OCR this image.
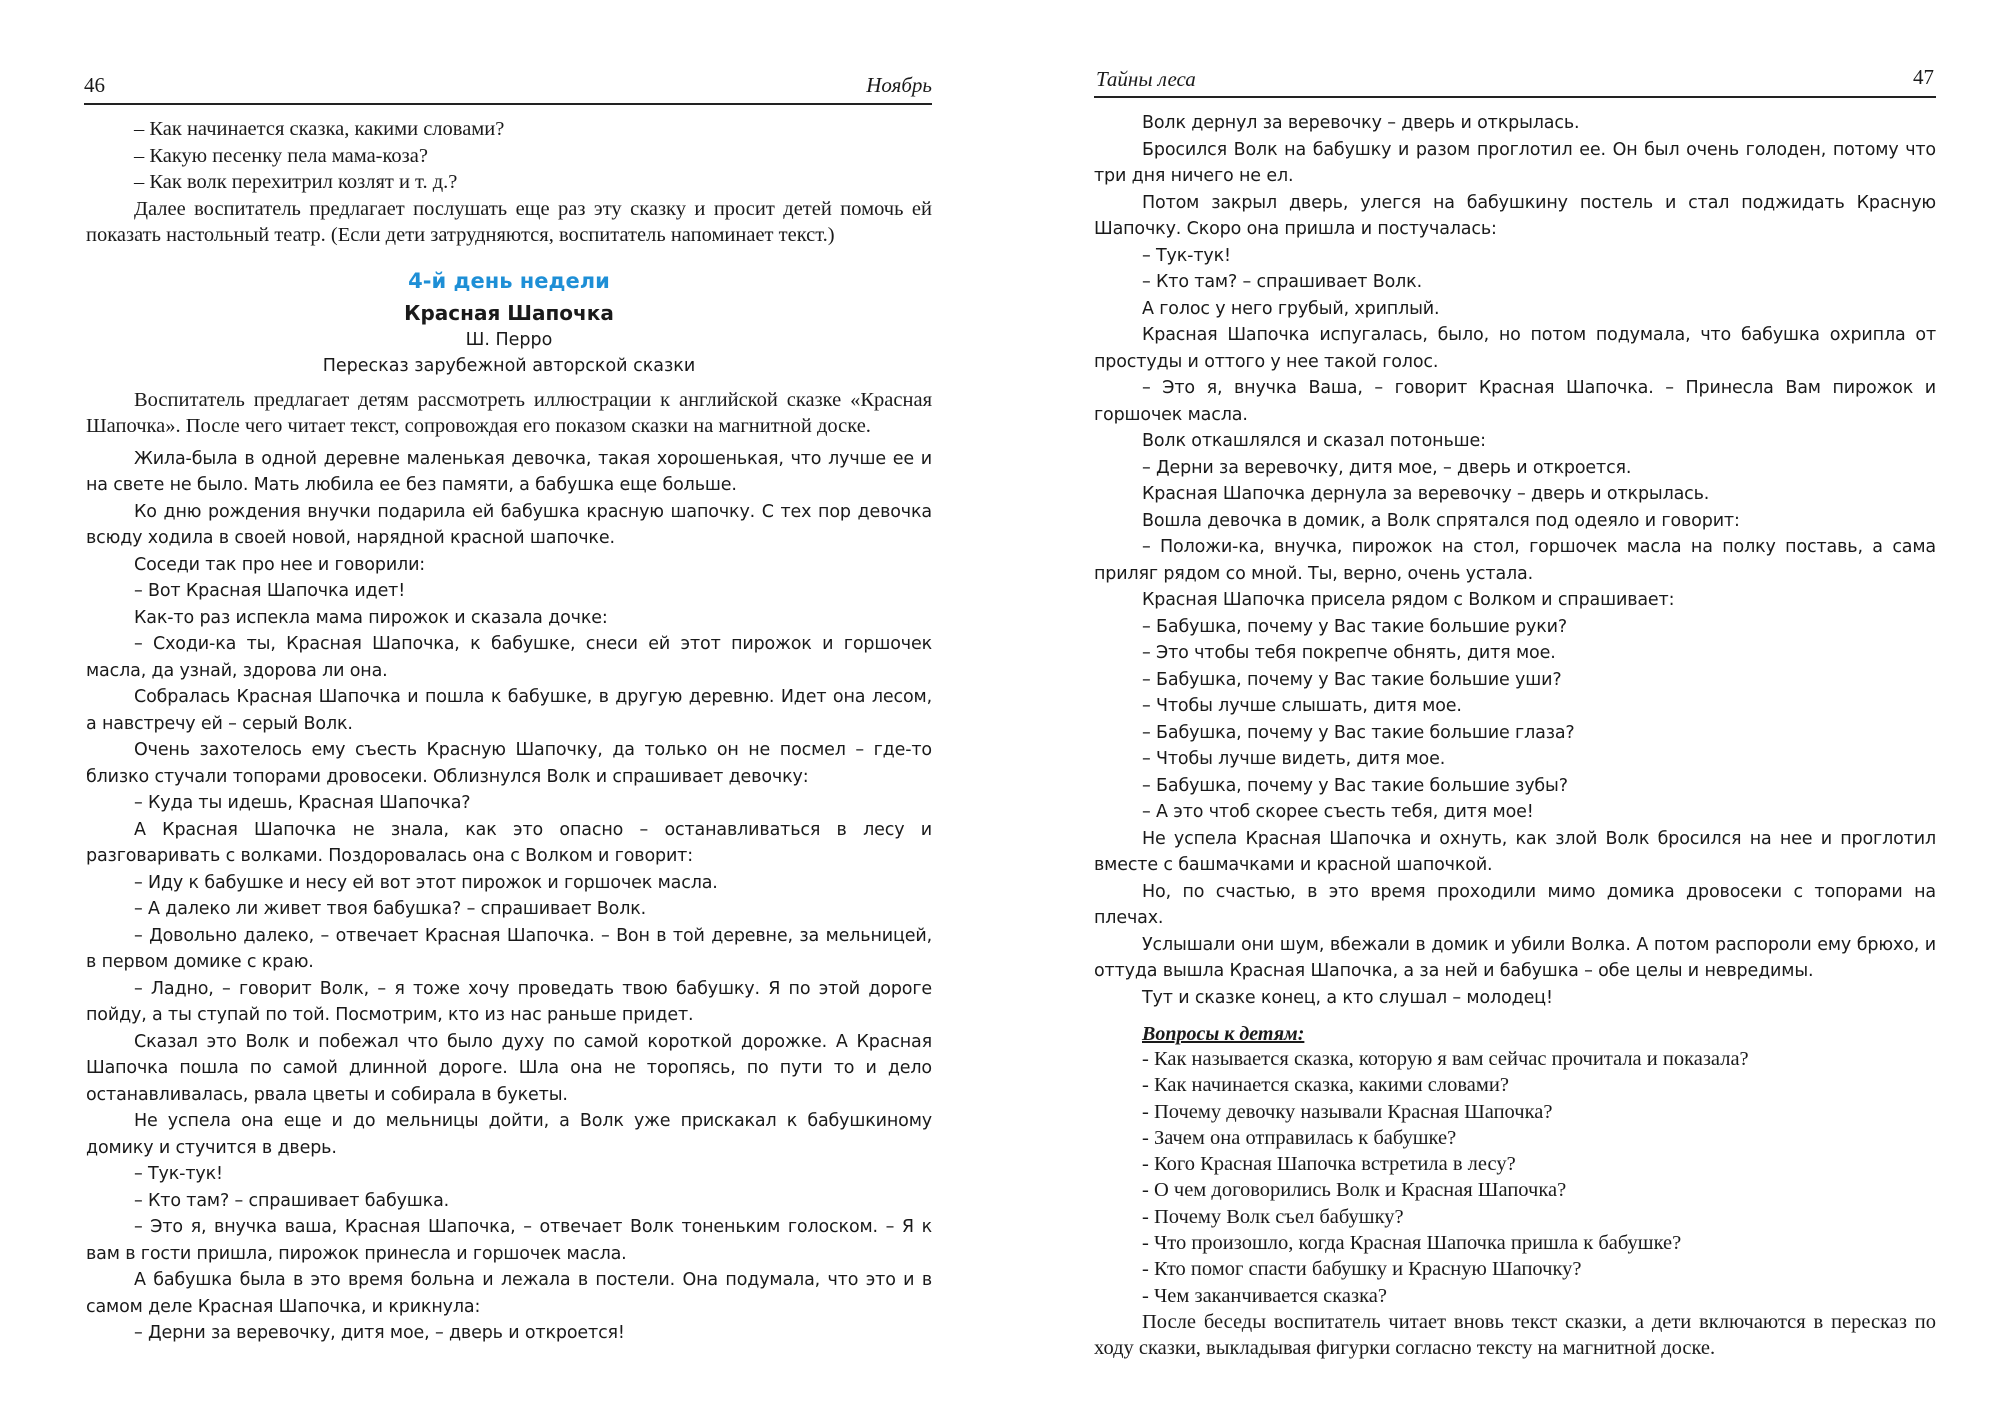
46	Ноябрь

– Как начинается сказка, какими словами?

– Какую песенку пела мама-коза?

– Как волк перехитрил козлят и т. д.?

Далее воспитатель предлагает послушать еще раз эту сказку и просит детей помочь ей показать настольный театр. (Если дети затрудняются, воспитатель напоминает текст.)

4-й день недели
Красная Шапочка
Ш. Перро
Пересказ зарубежной авторской сказки

Воспитатель предлагает детям рассмотреть иллюстрации к английской сказке «Красная Шапочка». После чего читает текст, сопровождая его показом сказки на магнитной доске.

Жила-была в одной деревне маленькая девочка, такая хорошенькая, что лучше ее и на свете не было. Мать любила ее без памяти, а бабушка еще больше.

Ко дню рождения внучки подарила ей бабушка красную шапочку. С тех пор девочка всюду ходила в своей новой, нарядной красной шапочке.

Соседи так про нее и говорили:

– Вот Красная Шапочка идет!

Как-то раз испекла мама пирожок и сказала дочке:

– Сходи-ка ты, Красная Шапочка, к бабушке, снеси ей этот пирожок и горшочек масла, да узнай, здорова ли она.

Собралась Красная Шапочка и пошла к бабушке, в другую деревню. Идет она лесом, а навстречу ей – серый Волк.

Очень захотелось ему съесть Красную Шапочку, да только он не посмел – где-то близко стучали топорами дровосеки. Облизнулся Волк и спрашивает девочку:

– Куда ты идешь, Красная Шапочка?

А Красная Шапочка не знала, как это опасно – останавливаться в лесу и разговаривать с волками. Поздоровалась она с Волком и говорит:

– Иду к бабушке и несу ей вот этот пирожок и горшочек масла.

– А далеко ли живет твоя бабушка? – спрашивает Волк.

– Довольно далеко, – отвечает Красная Шапочка. – Вон в той деревне, за мельницей, в первом домике с краю.

– Ладно, – говорит Волк, – я тоже хочу проведать твою бабушку. Я по этой дороге пойду, а ты ступай по той. Посмотрим, кто из нас раньше придет.

Сказал это Волк и побежал что было духу по самой короткой дорожке. А Красная Шапочка пошла по самой длинной дороге. Шла она не торопясь, по пути то и дело останавливалась, рвала цветы и собирала в букеты.

Не успела она еще и до мельницы дойти, а Волк уже прискакал к бабушкиному домику и стучится в дверь.

– Тук-тук!

– Кто там? – спрашивает бабушка.

– Это я, внучка ваша, Красная Шапочка, – отвечает Волк тоненьким голоском. – Я к вам в гости пришла, пирожок принесла и горшочек масла.

А бабушка была в это время больна и лежала в постели. Она подумала, что это и в самом деле Красная Шапочка, и крикнула:

– Дерни за веревочку, дитя мое, – дверь и откроется!

Тайны леса	47

Волк дернул за веревочку – дверь и открылась.

Бросился Волк на бабушку и разом проглотил ее. Он был очень голоден, потому что три дня ничего не ел.

Потом закрыл дверь, улегся на бабушкину постель и стал поджидать Красную Шапочку. Скоро она пришла и постучалась:

– Тук-тук!

– Кто там? – спрашивает Волк.

А голос у него грубый, хриплый.

Красная Шапочка испугалась, было, но потом подумала, что бабушка охрипла от простуды и оттого у нее такой голос.

– Это я, внучка Ваша, – говорит Красная Шапочка. – Принесла Вам пирожок и горшочек масла.

Волк откашлялся и сказал потоньше:

– Дерни за веревочку, дитя мое, – дверь и откроется.

Красная Шапочка дернула за веревочку – дверь и открылась.

Вошла девочка в домик, а Волк спрятался под одеяло и говорит:

– Положи-ка, внучка, пирожок на стол, горшочек масла на полку поставь, а сама приляг рядом со мной. Ты, верно, очень устала.

Красная Шапочка присела рядом с Волком и спрашивает:

– Бабушка, почему у Вас такие большие руки?

– Это чтобы тебя покрепче обнять, дитя мое.

– Бабушка, почему у Вас такие большие уши?

– Чтобы лучше слышать, дитя мое.

– Бабушка, почему у Вас такие большие глаза?

– Чтобы лучше видеть, дитя мое.

– Бабушка, почему у Вас такие большие зубы?

– А это чтоб скорее съесть тебя, дитя мое!

Не успела Красная Шапочка и охнуть, как злой Волк бросился на нее и проглотил вместе с башмачками и красной шапочкой.

Но, по счастью, в это время проходили мимо домика дровосеки с топорами на плечах.

Услышали они шум, вбежали в домик и убили Волка. А потом распороли ему брюхо, и оттуда вышла Красная Шапочка, а за ней и бабушка – обе целы и невредимы.

Тут и сказке конец, а кто слушал – молодец!

Вопросы к детям:
- Как называется сказка, которую я вам сейчас прочитала и показала?
- Как начинается сказка, какими словами?
- Почему девочку называли Красная Шапочка?
- Зачем она отправилась к бабушке?
- Кого Красная Шапочка встретила в лесу?
- О чем договорились Волк и Красная Шапочка?
- Почему Волк съел бабушку?
- Что произошло, когда Красная Шапочка пришла к бабушке?
- Кто помог спасти бабушку и Красную Шапочку?
- Чем заканчивается сказка?

После беседы воспитатель читает вновь текст сказки, а дети включаются в пересказ по ходу сказки, выкладывая фигурки согласно тексту на магнитной доске.
